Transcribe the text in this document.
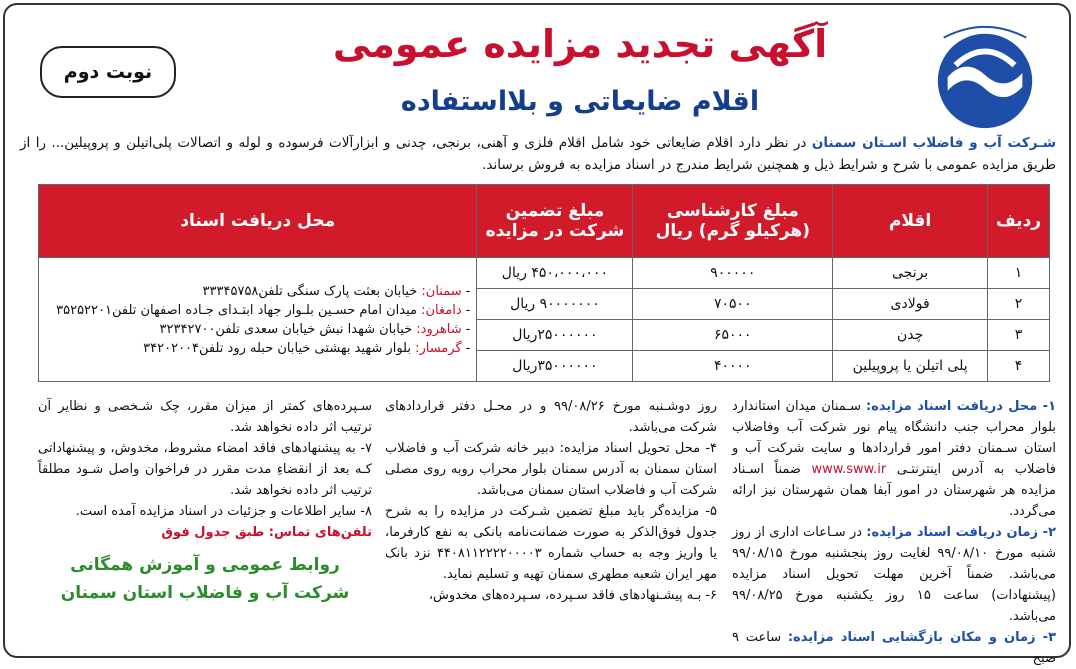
نوبت دوم
آگهی تجدید مزایده عمومی
اقلام ضایعاتی و بلااستفاده
شـرکت آب و فاضلاب اسـتان سمنان در نظر دارد اقلام ضایعاتی خود شامل اقلام فلزی و آهنی، برنجی، چدنی و ابزارآلات فرسوده و لوله و اتصالات پلی‌اتیلن و پروپیلین... را از طریق مزایده عمومی با شرح و شرایط ذیل و همچنین شرایط مندرج در اسناد مزایده به فروش برساند.
ردیف	اقلام	مبلغ کارشناسی (هرکیلو گرم) ریال	مبلغ تضمین شرکت در مزایده	محل دریافت اسناد
۱	برنجی	۹۰۰۰۰۰	۴۵۰،۰۰۰،۰۰۰ ریال	- سمنان: خیابان بعثت پارک سنگی تلفن۳۳۳۴۵۷۵۸
- دامغان: میدان امام حسـین بلـوار جهاد ابتـدای جـاده اصفهان تلفن۳۵۲۵۲۲۰۱
- شاهرود: خیابان شهدا نبش خیابان سعدی تلفن۳۲۳۴۲۷۰۰
- گرمسار: بلوار شهید بهشتی خیابان حبله رود تلفن۳۴۲۰۲۰۰۴

۲	فولادی	۷۰۵۰۰	۹۰۰۰۰۰۰۰ ریال	
۳	چدن	۶۵۰۰۰	۲۵۰۰۰۰۰۰ریال	
۴	پلی اتیلن یا پروپیلین	۴۰۰۰۰	۳۵۰۰۰۰۰۰ریال	
۱- محل دریافت اسناد مزایده: سـمنان میدان استاندارد بلوار محراب جنب دانشگاه پیام نور شرکت آب وفاضلاب استان سـمنان دفتر امور قراردادها و سایت شرکت آب و فاضلاب به آدرس اینترنتـی www.sww.ir ضمناً اسـناد مزایده هر شهرستان در امور آبفا همان شهرستان نیز ارائه می‌گردد.
۲- زمان دریافت اسناد مزایده: در سـاعات اداری از روز شنبه مورخ ۹۹/۰۸/۱۰ لغایت روز پنجشنبه مورخ ۹۹/۰۸/۱۵ می‌باشد. ضمناً آخرین مهلت تحویل اسناد مزایده (پیشنهادات) ساعت ۱۵ روز یکشنبه مورخ ۹۹/۰۸/۲۵ می‌باشد.
۳- زمان و مکان بازگشایی اسناد مزایده: ساعت ۹ صبح
روز دوشـنبه مورخ ۹۹/۰۸/۲۶ و در محـل دفتر قراردادهای شرکت می‌باشد.
۴- محل تحویل اسناد مزایده: دبیر خانه شرکت آب و فاضلاب استان سمنان به آدرس سمنان بلوار محراب روبه روی مصلی شرکت آب و فاضلاب استان سمنان می‌باشد.
۵- مزایده‌گر باید مبلغ تضمین شـرکت در مزایده را به شرح جدول فوق‌الذکر به صورت ضمانت‌نامه بانکی به نفع کارفرما، یا واریز وجه به حساب شماره ۴۴۰۸۱۱۲۲۲۲۰۰۰۰۳ نزد بانک مهر ایران شعبه مطهری سمنان تهیه و تسلیم نماید.
۶- بـه پیشـنهادهای فاقد سـپرده، سـپرده‌های مخدوش،
سـپرده‌های کمتر از میزان مقرر، چک شـخصی و نظایر آن ترتیب اثر داده نخواهد شد.
۷- به پیشنهادهای فاقد امضاء مشروط، مخدوش، و پیشنهاداتی کـه بعد از انقضاءِ مدت مقرر در فراخوان واصل شـود مطلقاً ترتیب اثر داده نخواهد شد.
۸- سایر اطلاعات و جزئیات در اسناد مزایده آمده است.
تلفن‌های تماس: طبق جدول فوق
روابط عمومی و آموزش همگانی
شرکت آب و فاضلاب استان سمنان
